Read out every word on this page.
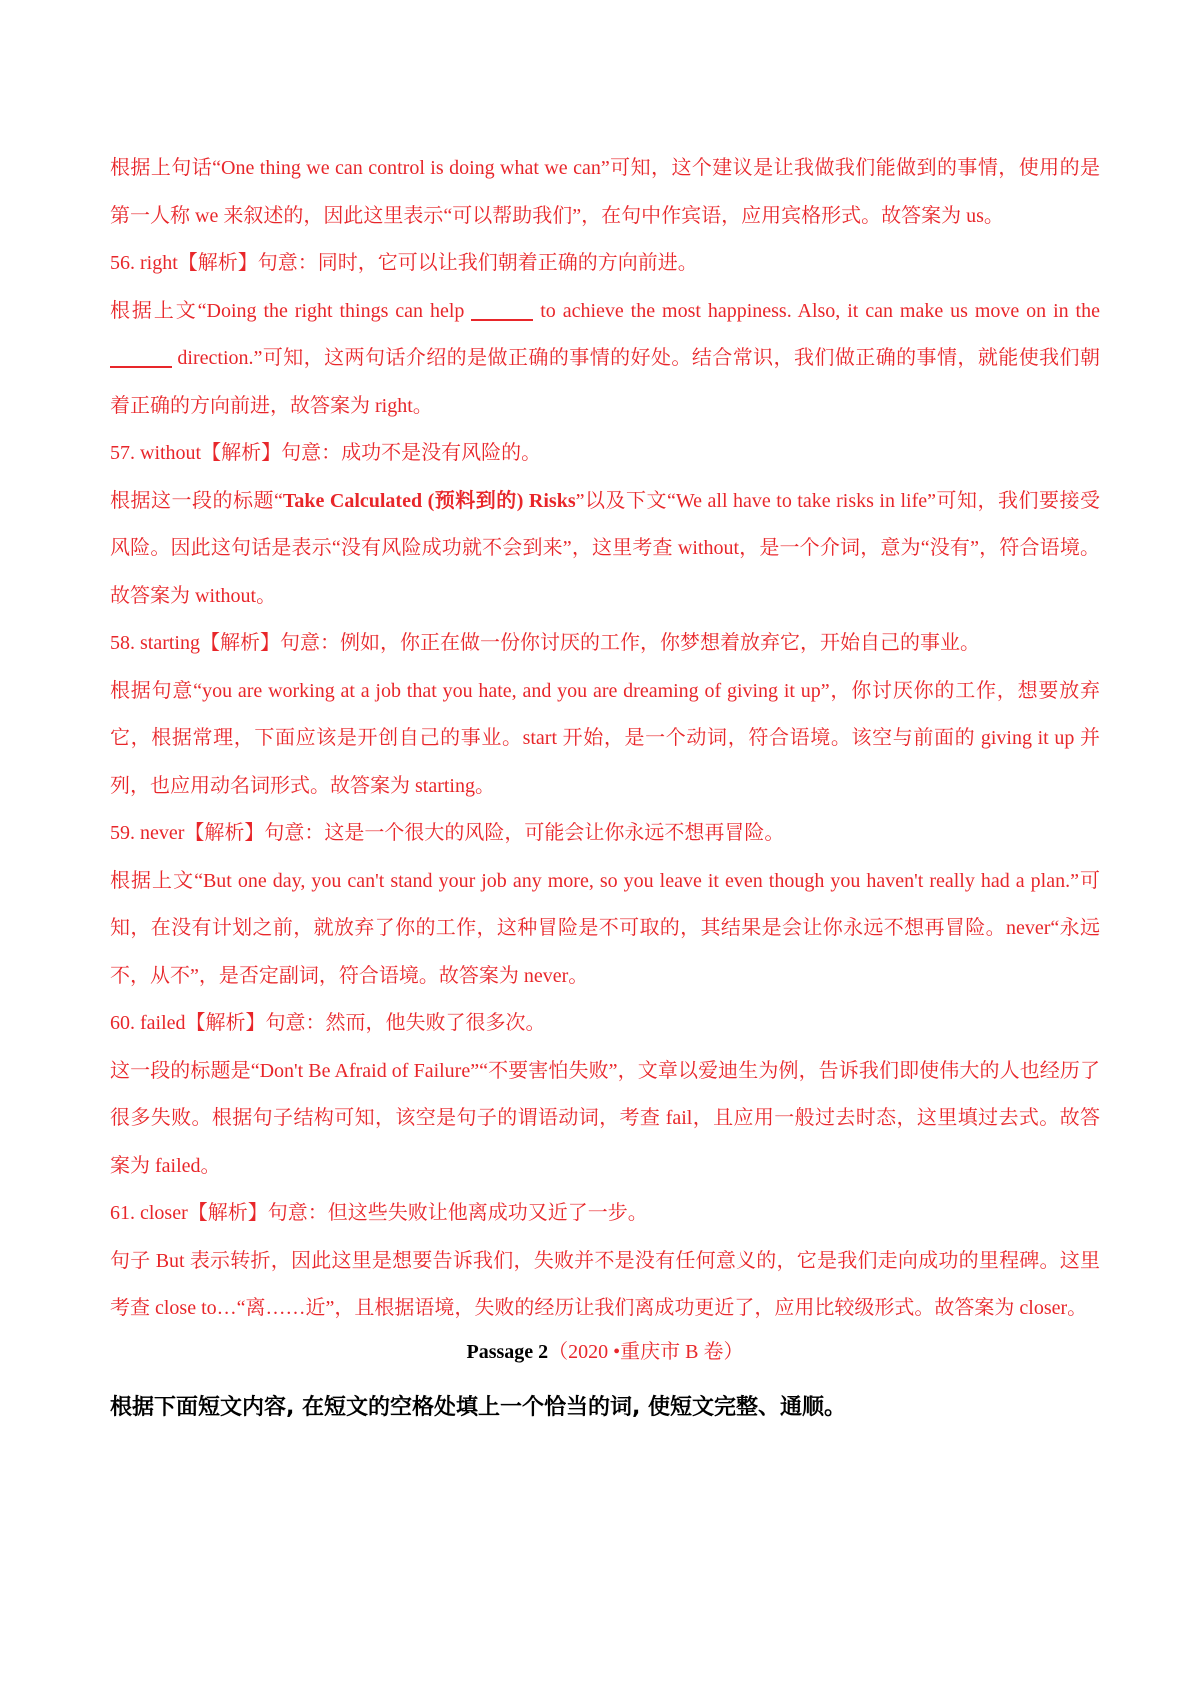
根据上句话“One thing we can control is doing what we can”可知，这个建议是让我做我们能做到的事情，使用的是第一人称 we 来叙述的，因此这里表示“可以帮助我们”，在句中作宾语，应用宾格形式。故答案为 us。

56. right【解析】句意：同时，它可以让我们朝着正确的方向前进。

根据上文“Doing the right things can help	to achieve the most happiness. Also, it can make us move on in the  direction.”可知，这两句话介绍的是做正确的事情的好处。结合常识，我们做正确的事情，就能使我们朝着正确的方向前进，故答案为 right。

57. without【解析】句意：成功不是没有风险的。

根据这一段的标题“Take Calculated (预料到的) Risks”以及下文“We all have to take risks in life”可知，我们要接受风险。因此这句话是表示“没有风险成功就不会到来”，这里考查 without，是一个介词，意为“没有”，符合语境。故答案为 without。

58. starting【解析】句意：例如，你正在做一份你讨厌的工作，你梦想着放弃它，开始自己的事业。

根据句意“you are working at a job that you hate, and you are dreaming of giving it up”，你讨厌你的工作，想要放弃它，根据常理，下面应该是开创自己的事业。start 开始，是一个动词，符合语境。该空与前面的 giving it up 并列，也应用动名词形式。故答案为 starting。

59. never【解析】句意：这是一个很大的风险，可能会让你永远不想再冒险。

根据上文“But one day, you can't stand your job any more, so you leave it even though you haven't really had a plan.”可知，在没有计划之前，就放弃了你的工作，这种冒险是不可取的，其结果是会让你永远不想再冒险。never“永远不，从不”，是否定副词，符合语境。故答案为 never。

60. failed【解析】句意：然而，他失败了很多次。

这一段的标题是“Don't Be Afraid of Failure”“不要害怕失败”，文章以爱迪生为例，告诉我们即使伟大的人也经历了很多失败。根据句子结构可知，该空是句子的谓语动词，考查 fail，且应用一般过去时态，这里填过去式。故答案为 failed。

61. closer【解析】句意：但这些失败让他离成功又近了一步。

句子 But 表示转折，因此这里是想要告诉我们，失败并不是没有任何意义的，它是我们走向成功的里程碑。这里考查 close to…“离……近”，且根据语境，失败的经历让我们离成功更近了，应用比较级形式。故答案为 closer。

Passage 2（2020 •重庆市 B 卷）
根据下面短文内容, 在短文的空格处填上一个恰当的词, 使短文完整、通顺。
